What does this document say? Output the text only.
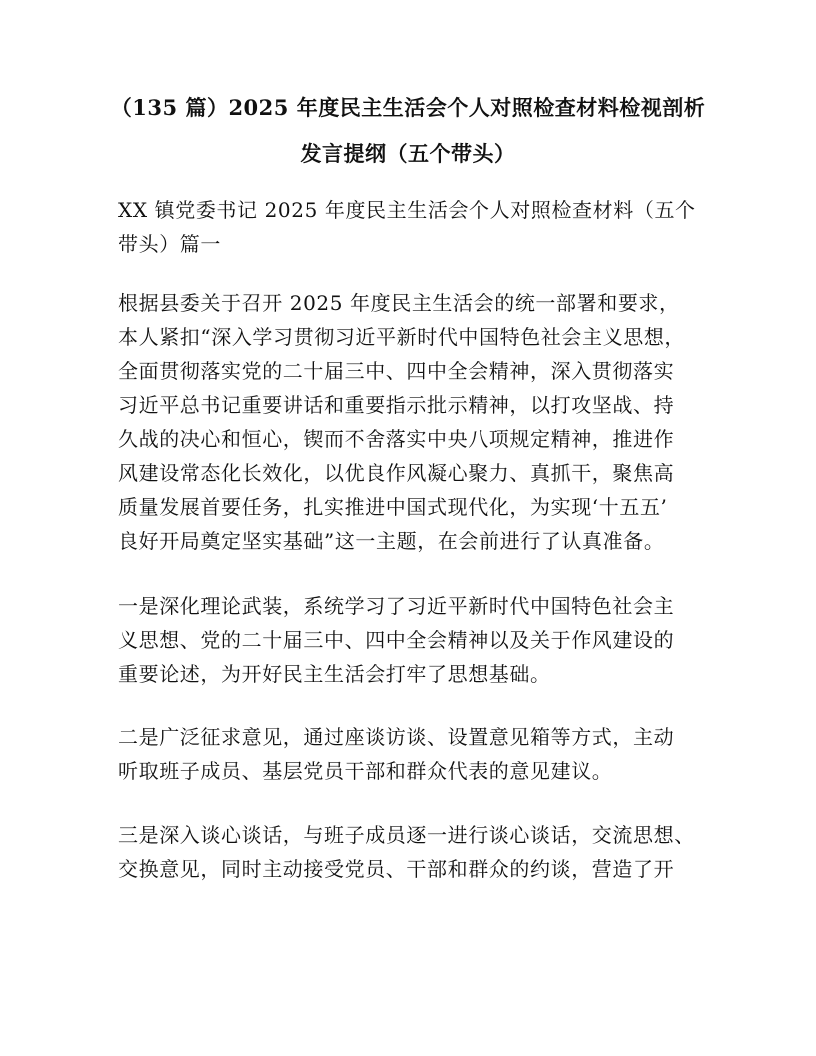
（135 篇）2025 年度民主生活会个人对照检查材料检视剖析
发言提纲（五个带头）
XX 镇党委书记 2025 年度民主生活会个人对照检查材料（五个
带头）篇一
根据县委关于召开 2025 年度民主生活会的统一部署和要求，
本人紧扣“深入学习贯彻习近平新时代中国特色社会主义思想，
全面贯彻落实党的二十届三中、四中全会精神，深入贯彻落实
习近平总书记重要讲话和重要指示批示精神，以打攻坚战、持
久战的决心和恒心，锲而不舍落实中央八项规定精神，推进作
风建设常态化长效化，以优良作风凝心聚力、真抓干，聚焦高
质量发展首要任务，扎实推进中国式现代化，为实现‘十五五’
良好开局奠定坚实基础”这一主题，在会前进行了认真准备。
一是深化理论武装，系统学习了习近平新时代中国特色社会主
义思想、党的二十届三中、四中全会精神以及关于作风建设的
重要论述，为开好民主生活会打牢了思想基础。
二是广泛征求意见，通过座谈访谈、设置意见箱等方式，主动
听取班子成员、基层党员干部和群众代表的意见建议。
三是深入谈心谈话，与班子成员逐一进行谈心谈话，交流思想、
交换意见，同时主动接受党员、干部和群众的约谈，营造了开
